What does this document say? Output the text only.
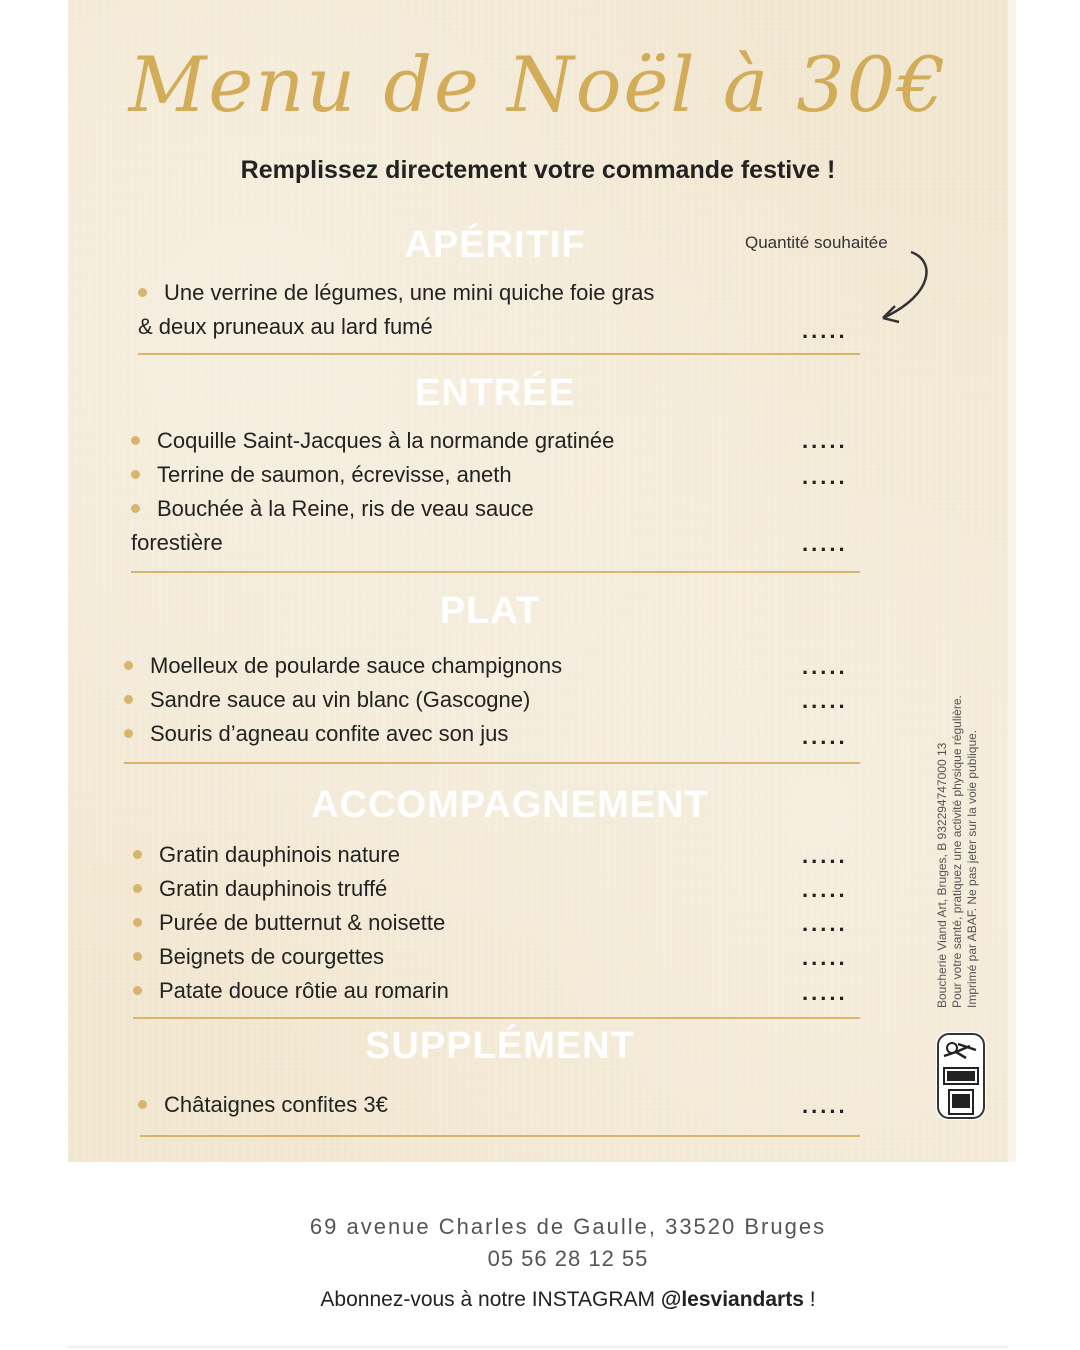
Menu de Noël à 30€
Remplissez directement votre commande festive !
Quantité souhaitée
APÉRITIF
Une verrine de légumes, une mini quiche foie gras
& deux pruneaux au lard fumé	.....
ENTRÉE
Coquille Saint-Jacques à la normande gratinée	.....
Terrine de saumon, écrevisse, aneth	.....
Bouchée à la Reine, ris de veau sauce
forestière	.....
PLAT
Moelleux de poularde sauce champignons	.....
Sandre sauce au vin blanc (Gascogne)	.....
Souris d’agneau confite avec son jus	.....
ACCOMPAGNEMENT
Gratin dauphinois nature	.....
Gratin dauphinois truffé	.....
Purée de butternut & noisette	.....
Beignets de courgettes	.....
Patate douce rôtie au romarin	.....
SUPPLÉMENT
Châtaignes confites 3€	.....
Boucherie Viand Art, Bruges, B 932294747000 13 Pour votre santé, pratiquez une activité physique régulière. Imprimé par ABAF. Ne pas jeter sur la voie publique.
69 avenue Charles de Gaulle, 33520 Bruges
05 56 28 12 55
Abonnez-vous à notre INSTAGRAM @lesviandarts !
